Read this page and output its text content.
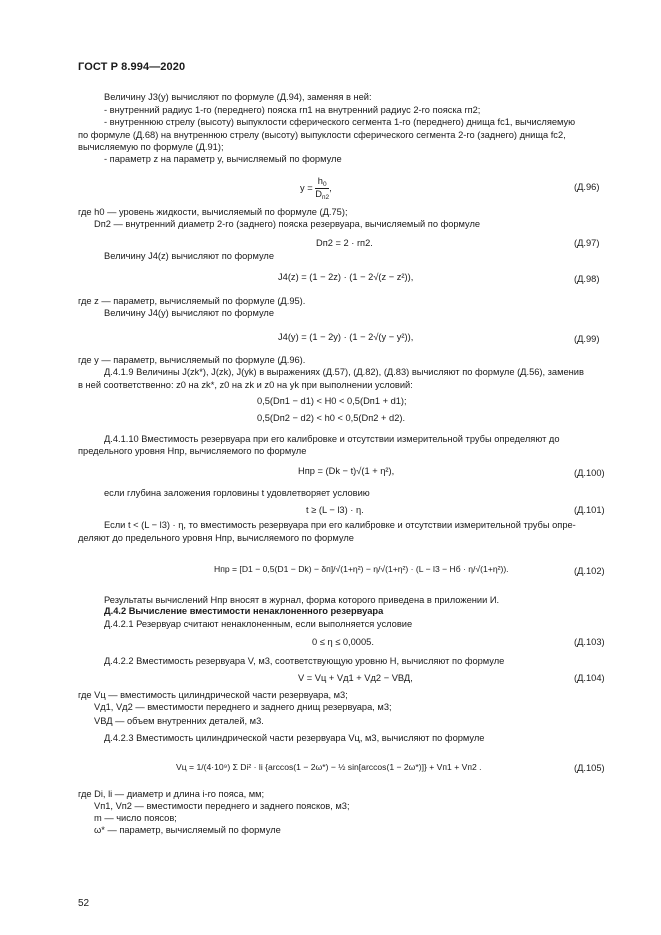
ГОСТ Р 8.994—2020
Величину J3(y) вычисляют по формуле (Д.94), заменяя в ней:
- внутренний радиус 1-го (переднего) пояска rп1 на внутренний радиус 2-го пояска rп2;
- внутреннюю стрелу (высоту) выпуклости сферического сегмента 1-го (переднего) днища fс1, вычисляемую
по формуле (Д.68) на внутреннюю стрелу (высоту) выпуклости сферического сегмента 2-го (заднего) днища fс2,
вычисляемую по формуле (Д.91);
- параметр z на параметр y, вычисляемый по формуле
$y = \frac{h_0}{D_{п2}}$ ,	(Д.96)
где h0 — уровень жидкости, вычисляемый по формуле (Д.75);
Dп2 — внутренний диаметр 2-го (заднего) пояска резервуара, вычисляемый по формуле
Dп2 = 2 · rп2.	(Д.97)
Величину J4(z) вычисляют по формуле
J4(z) = (1 − 2z) · (1 − 2√(z − z²)),	(Д.98)
где z — параметр, вычисляемый по формуле (Д.95).
Величину J4(y) вычисляют по формуле
J4(y) = (1 − 2y) · (1 − 2√(y − y²)),	(Д.99)
где y — параметр, вычисляемый по формуле (Д.96).
Д.4.1.9 Величины J(zk*), J(zk), J(yk) в выражениях (Д.57), (Д.82), (Д.83) вычисляют по формуле (Д.56), заменив
в ней соответственно: z0 на zk*, z0 на zk и z0 на yk при выполнении условий:
0,5(Dп1 − d1) < H0 < 0,5(Dп1 + d1);
0,5(Dп2 − d2) < h0 < 0,5(Dп2 + d2).
Д.4.1.10 Вместимость резервуара при его калибровке и отсутствии измерительной трубы определяют до
предельного уровня Hпр, вычисляемого по формуле
Hпр = (Dk − t)√(1 + η²),	(Д.100)
если глубина заложения горловины t удовлетворяет условию
t ≥ (L − l3) · η.	(Д.101)
Если t < (L − l3) · η, то вместимость резервуара при его калибровке и отсутствии измерительной трубы опре-
деляют до предельного уровня Hпр, вычисляемого по формуле
Hпр = [D1 − 0,5(D1 − Dk) − δп]/√(1+η²) − η/√(1+η²) · (L − l3 − Hб · η/√(1+η²)).	(Д.102)
Результаты вычислений Hпр вносят в журнал, форма которого приведена в приложении И.
Д.4.2 Вычисление вместимости ненаклоненного резервуара
Д.4.2.1 Резервуар считают ненаклоненным, если выполняется условие
0 ≤ η ≤ 0,0005.	(Д.103)
Д.4.2.2 Вместимость резервуара V, м3, соответствующую уровню H, вычисляют по формуле
V = Vц + Vд1 + Vд2 − VВД,	(Д.104)
где Vц — вместимость цилиндрической части резервуара, м3;
Vд1, Vд2 — вместимости переднего и заднего днищ резервуара, м3;
VВД — объем внутренних деталей, м3.
Д.4.2.3 Вместимость цилиндрической части резервуара Vц, м3, вычисляют по формуле
Vц = 1/(4·10⁹) Σ Di² · li {arccos(1 − 2ω*) − ½ sin[arccos(1 − 2ω*)]} + Vп1 + Vп2 .	(Д.105)
где Di, li — диаметр и длина i-го пояса, мм;
Vп1, Vп2 — вместимости переднего и заднего поясков, м3;
m — число поясов;
ω* — параметр, вычисляемый по формуле
52
